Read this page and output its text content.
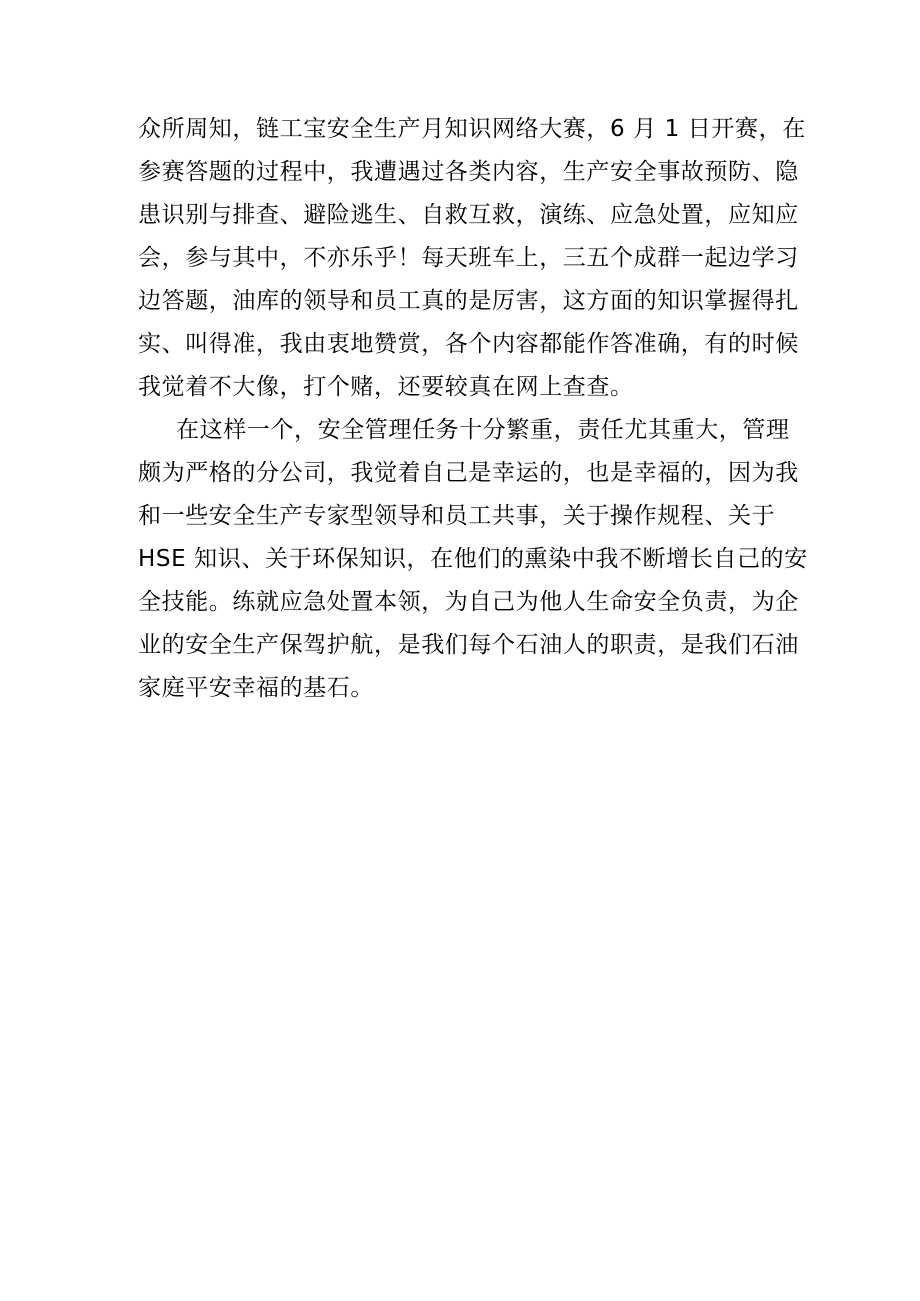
众所周知，链工宝安全生产月知识网络大赛，6 月 1 日开赛，在
参赛答题的过程中，我遭遇过各类内容，生产安全事故预防、隐
患识别与排查、避险逃生、自救互救，演练、应急处置，应知应
会，参与其中，不亦乐乎！每天班车上，三五个成群一起边学习
边答题，油库的领导和员工真的是厉害，这方面的知识掌握得扎
实、叫得准，我由衷地赞赏，各个内容都能作答准确，有的时候
我觉着不大像，打个赌，还要较真在网上查查。
在这样一个，安全管理任务十分繁重，责任尤其重大，管理
颇为严格的分公司，我觉着自己是幸运的，也是幸福的，因为我
和一些安全生产专家型领导和员工共事，关于操作规程、关于
HSE 知识、关于环保知识，在他们的熏染中我不断增长自己的安
全技能。练就应急处置本领，为自己为他人生命安全负责，为企
业的安全生产保驾护航，是我们每个石油人的职责，是我们石油
家庭平安幸福的基石。
